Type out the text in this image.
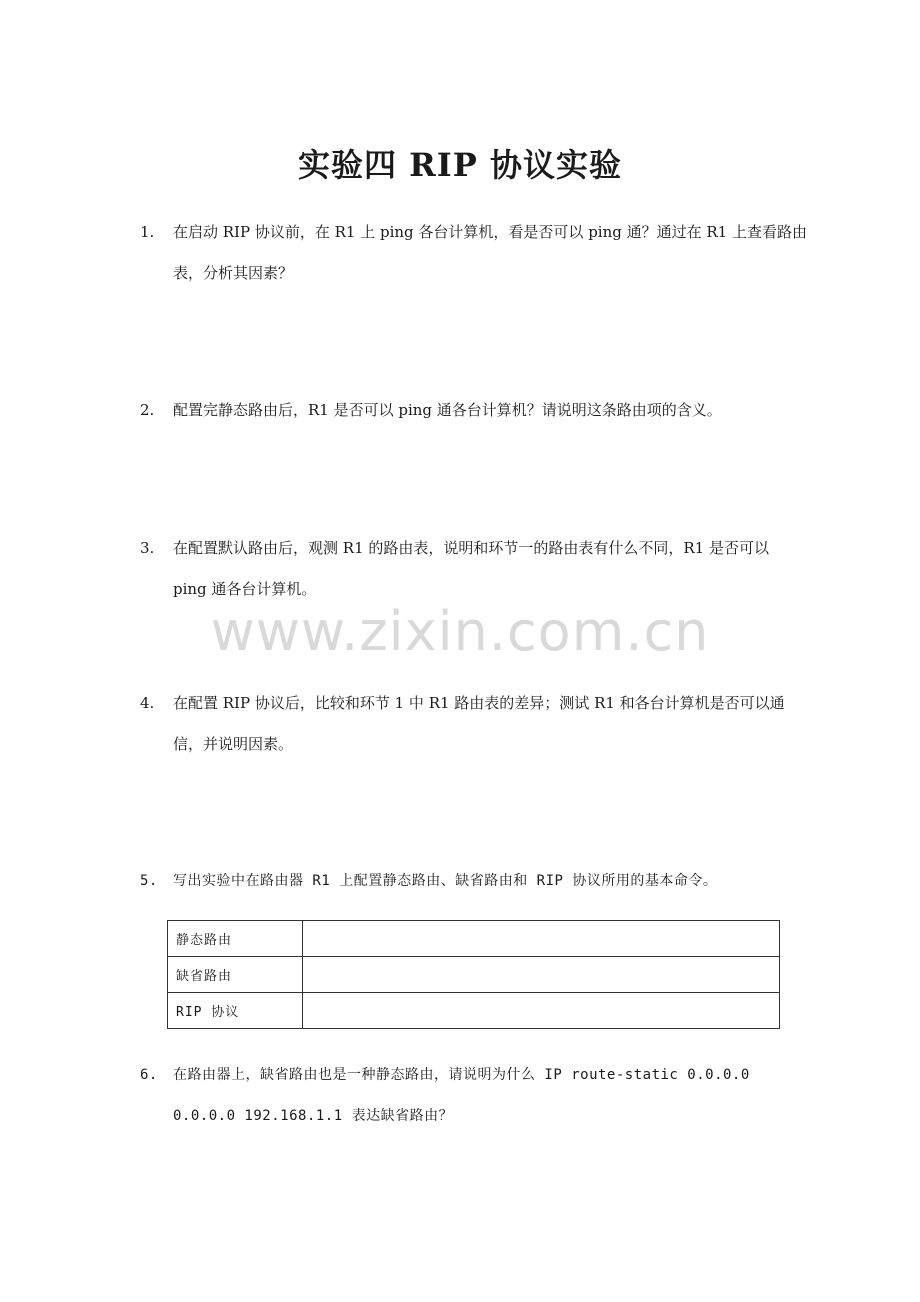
实验四 RIP 协议实验
1. 在启动 RIP 协议前，在 R1 上 ping 各台计算机，看是否可以 ping 通？通过在 R1 上查看路由
表，分析其因素？
2. 配置完静态路由后，R1 是否可以 ping 通各台计算机？请说明这条路由项的含义。
3. 在配置默认路由后，观测 R1 的路由表，说明和环节一的路由表有什么不同，R1 是否可以
ping 通各台计算机。
www.zixin.com.cn
4. 在配置 RIP 协议后，比较和环节 1 中 R1 路由表的差异；测试 R1 和各台计算机是否可以通
信，并说明因素。
5. 写出实验中在路由器 R1 上配置静态路由、缺省路由和 RIP 协议所用的基本命令。
静态路由	
缺省路由	
RIP 协议	
6. 在路由器上，缺省路由也是一种静态路由，请说明为什么 IP route-static 0.0.0.0
0.0.0.0 192.168.1.1 表达缺省路由？
